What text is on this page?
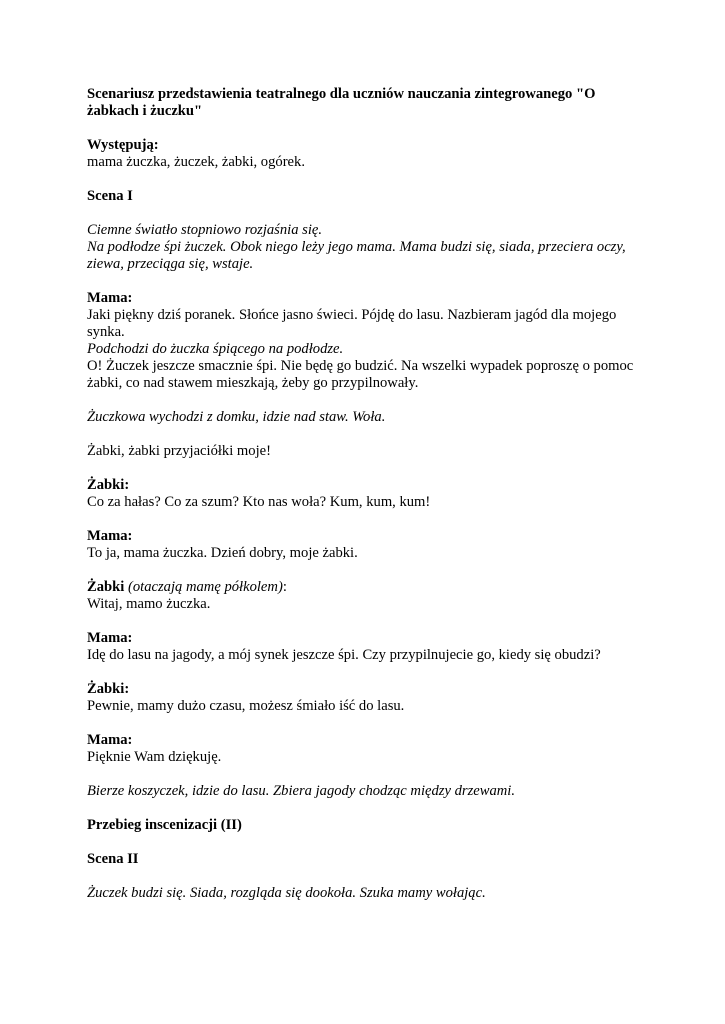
Scenariusz przedstawienia teatralnego dla uczniów nauczania zintegrowanego "O żabkach i żuczku"

Występują:

mama żuczka, żuczek, żabki, ogórek.

Scena I

Ciemne światło stopniowo rozjaśnia się.

Na podłodze śpi żuczek. Obok niego leży jego mama. Mama budzi się, siada, przeciera oczy, ziewa, przeciąga się, wstaje.

Mama:

Jaki piękny dziś poranek. Słońce jasno świeci. Pójdę do lasu. Nazbieram jagód dla mojego synka.

Podchodzi do żuczka śpiącego na podłodze.

O! Żuczek jeszcze smacznie śpi. Nie będę go budzić. Na wszelki wypadek poproszę o pomoc żabki, co nad stawem mieszkają, żeby go przypilnowały.

Żuczkowa wychodzi z domku, idzie nad staw. Woła.

Żabki, żabki przyjaciółki moje!

Żabki:

Co za hałas? Co za szum? Kto nas woła? Kum, kum, kum!

Mama:

To ja, mama żuczka. Dzień dobry, moje żabki.

Żabki (otaczają mamę półkolem):

Witaj, mamo żuczka.

Mama:

Idę do lasu na jagody, a mój synek jeszcze śpi. Czy przypilnujecie go, kiedy się obudzi?

Żabki:

Pewnie, mamy dużo czasu, możesz śmiało iść do lasu.

Mama:

Pięknie Wam dziękuję.

Bierze koszyczek, idzie do lasu. Zbiera jagody chodząc między drzewami.

Przebieg inscenizacji (II)

Scena II

Żuczek budzi się. Siada, rozgląda się dookoła. Szuka mamy wołając.
